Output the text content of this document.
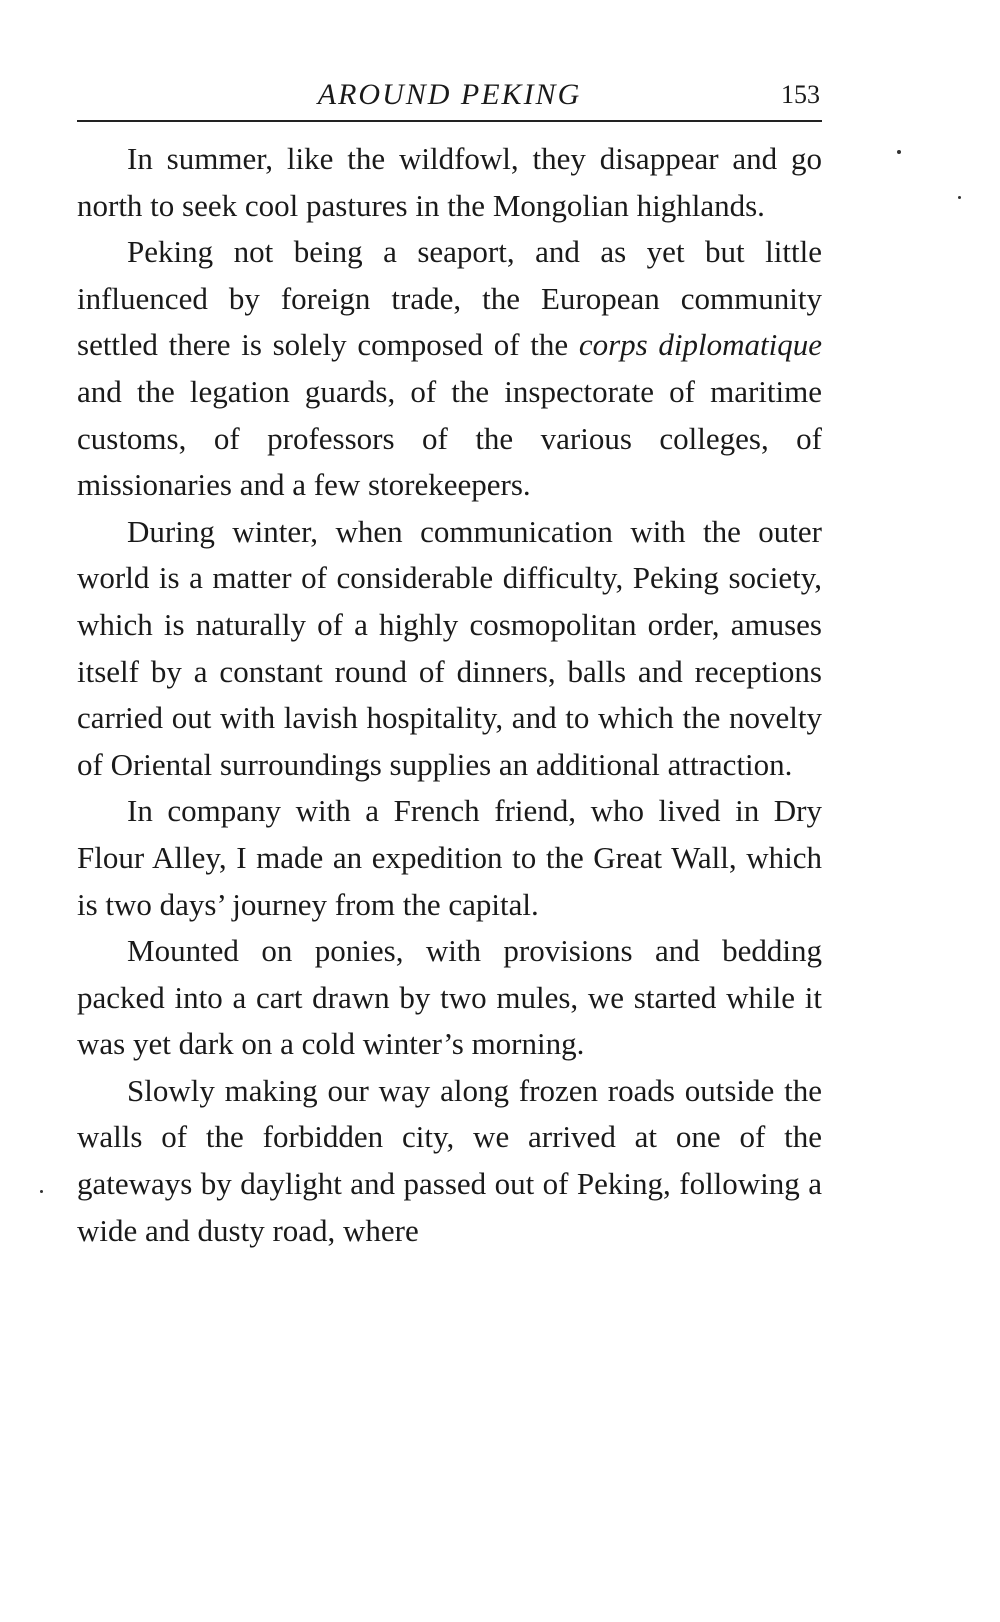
AROUND PEKING	153

In summer, like the wildfowl, they disappear and go north to seek cool pastures in the Mongolian highlands.

Peking not being a seaport, and as yet but little influenced by foreign trade, the European community settled there is solely composed of the corps diplomatique and the legation guards, of the inspectorate of maritime customs, of professors of the various colleges, of missionaries and a few storekeepers.

During winter, when communication with the outer world is a matter of considerable difficulty, Peking society, which is naturally of a highly cosmopolitan order, amuses itself by a constant round of dinners, balls and receptions carried out with lavish hospitality, and to which the novelty of Oriental surroundings supplies an additional attraction.

In company with a French friend, who lived in Dry Flour Alley, I made an expedition to the Great Wall, which is two days’ journey from the capital.

Mounted on ponies, with provisions and bedding packed into a cart drawn by two mules, we started while it was yet dark on a cold winter’s morning.

Slowly making our way along frozen roads outside the walls of the forbidden city, we arrived at one of the gateways by daylight and passed out of Peking, following a wide and dusty road, where
